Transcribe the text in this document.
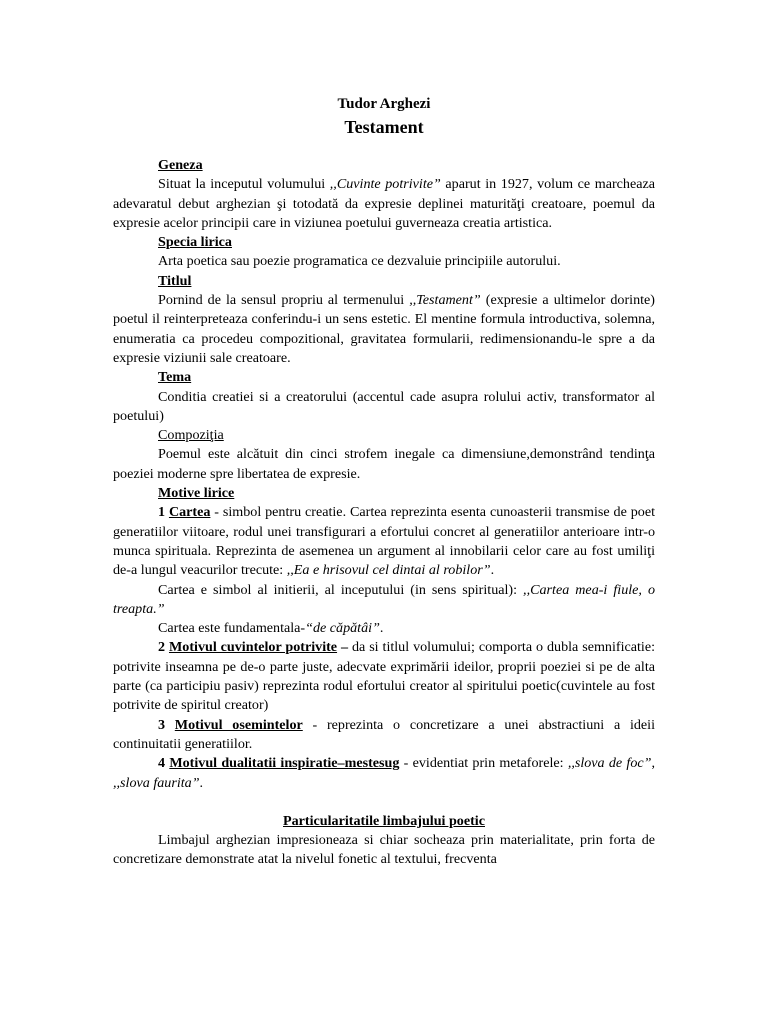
Tudor Arghezi
Testament

Geneza

Situat la inceputul volumului ,,Cuvinte potrivite” aparut in 1927, volum ce marcheaza adevaratul debut arghezian şi totodată da expresie deplinei maturităţi creatoare, poemul da expresie acelor principii care in viziunea poetului guverneaza creatia artistica.

Specia lirica

Arta poetica sau poezie programatica ce dezvaluie principiile autorului.

Titlul

Pornind de la sensul propriu al termenului ,,Testament” (expresie a ultimelor dorinte) poetul il reinterpreteaza conferindu-i un sens estetic. El mentine formula introductiva, solemna, enumeratia ca procedeu compozitional, gravitatea formularii, redimensionandu-le spre a da expresie viziunii sale creatoare.

Tema

Conditia creatiei si a creatorului (accentul cade asupra rolului activ, transformator al poetului)

Compoziţia

Poemul este alcătuit din cinci strofem inegale ca dimensiune,demonstrând tendinţa poeziei moderne spre libertatea de expresie.

Motive lirice

1 Cartea - simbol pentru creatie. Cartea reprezinta esenta cunoasterii transmise de poet generatiilor viitoare, rodul unei transfigurari a efortului concret al generatiilor anterioare intr-o munca spirituala. Reprezinta de asemenea un argument al innobilarii celor care au fost umiliţi de-a lungul veacurilor trecute: ,,Ea e hrisovul cel dintai al robilor”.

Cartea e simbol al initierii, al inceputului (in sens spiritual): ,,Cartea mea-i fiule, o treapta.”

Cartea este fundamentala-“de căpătâi”.

2 Motivul cuvintelor potrivite – da si titlul volumului; comporta o dubla semnificatie: potrivite inseamna pe de-o parte juste, adecvate exprimării ideilor, proprii poeziei si pe de alta parte (ca participiu pasiv) reprezinta rodul efortului creator al spiritului poetic(cuvintele au fost potrivite de spiritul creator)

3 Motivul osemintelor - reprezinta o concretizare a unei abstractiuni a ideii continuitatii generatiilor.

4 Motivul dualitatii inspiratie–mestesug - evidentiat prin metaforele: ,,slova de foc”, ,,slova faurita”.

Particularitatile limbajului poetic

Limbajul arghezian impresioneaza si chiar socheaza prin materialitate, prin forta de concretizare demonstrate atat la nivelul fonetic al textului, frecventa
